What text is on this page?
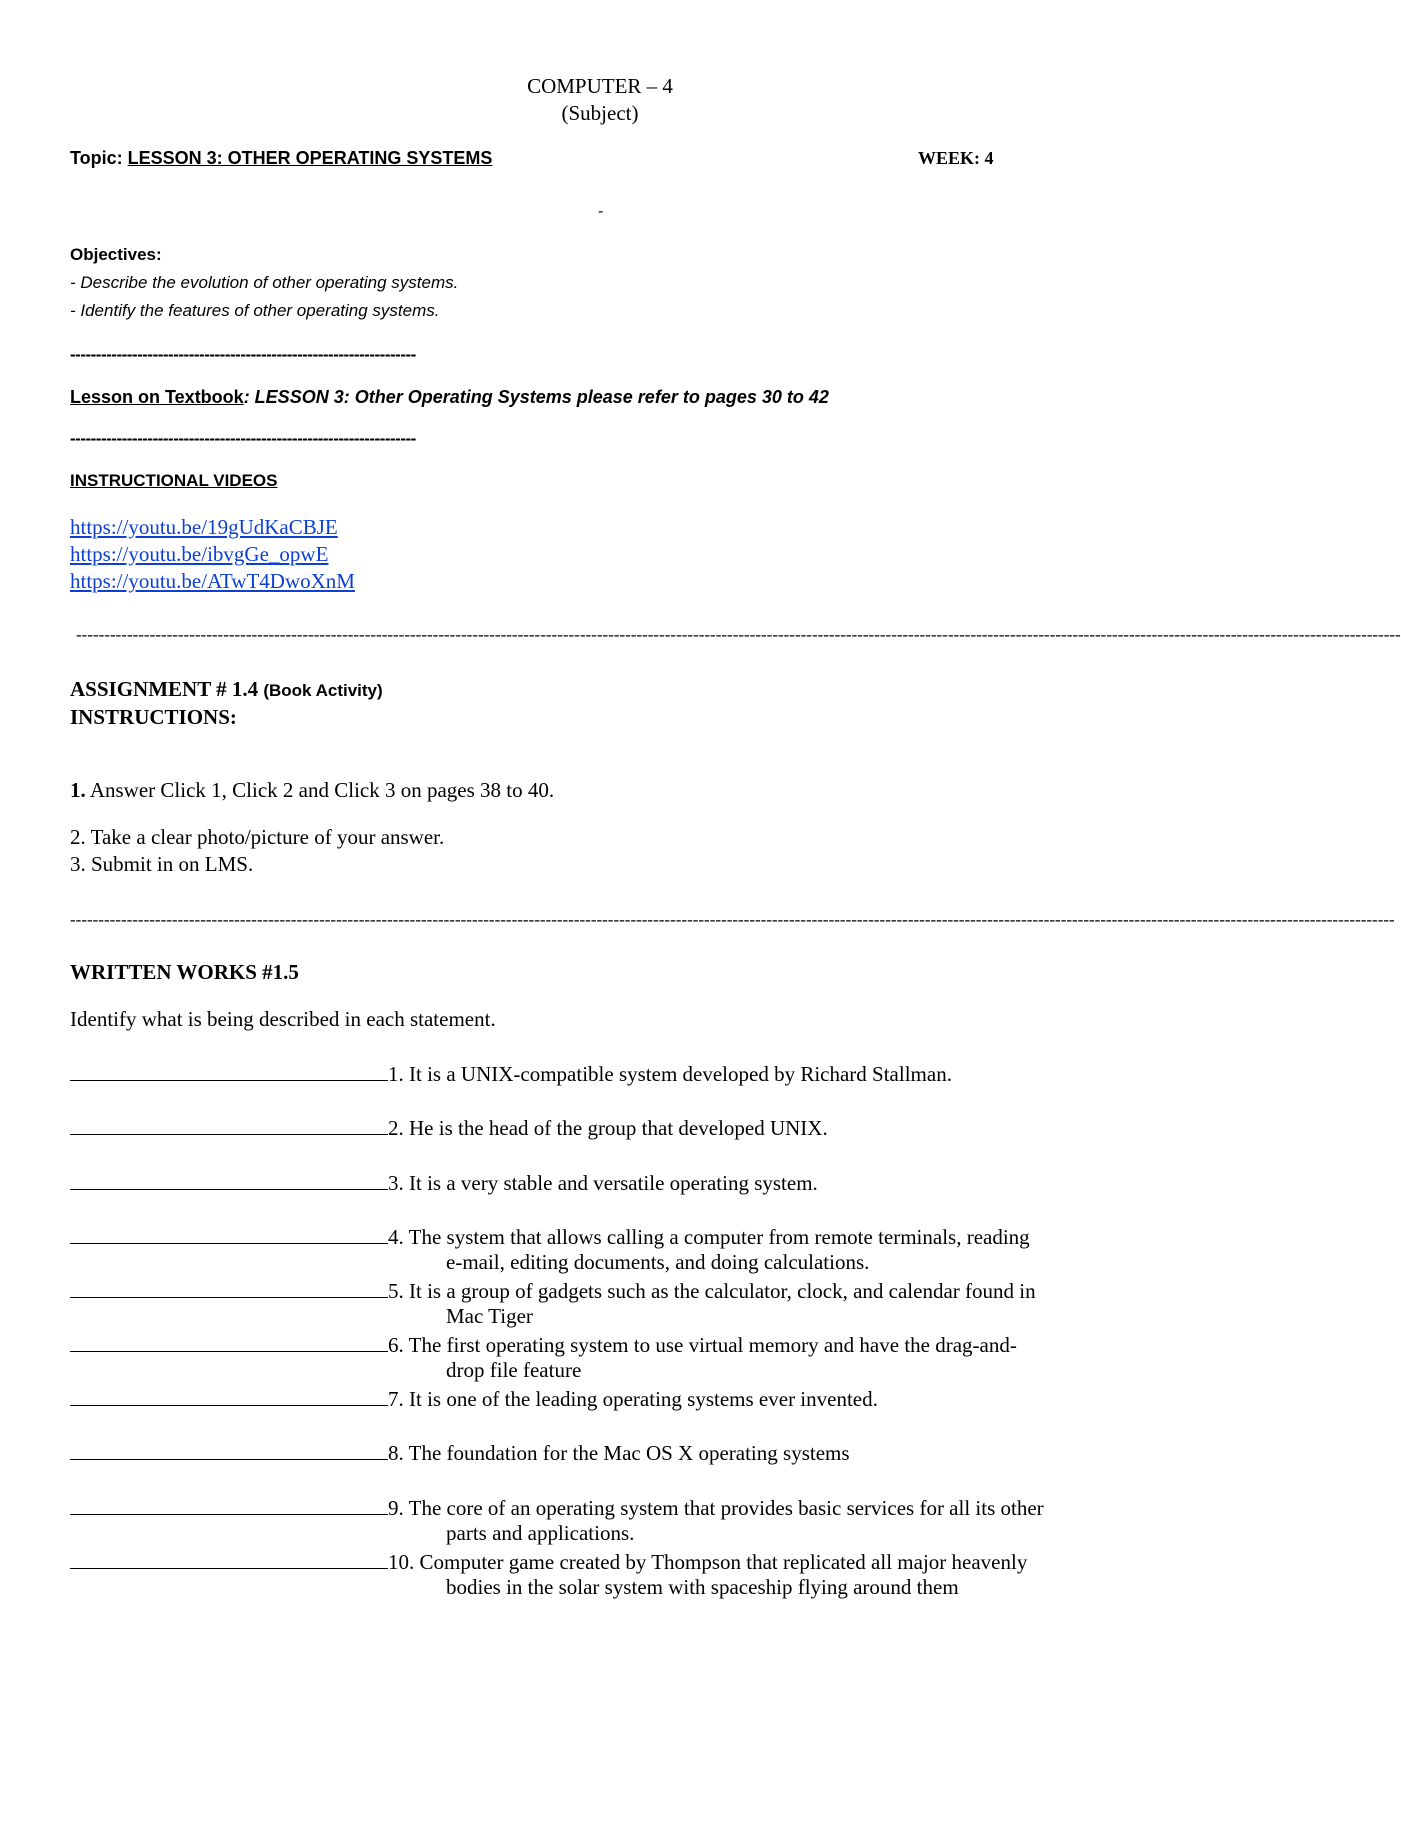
COMPUTER – 4
(Subject)
Topic: LESSON 3: OTHER OPERATING SYSTEMS	WEEK: 4
-
Objectives:
- Describe the evolution of other operating systems.
- Identify the features of other operating systems.
-------------------------------------------------------------------
Lesson on Textbook: LESSON 3: Other Operating Systems please refer to pages 30 to 42
-------------------------------------------------------------------
INSTRUCTIONAL VIDEOS
https://youtu.be/19gUdKaCBJE
https://youtu.be/ibvgGe_opwE
https://youtu.be/ATwT4DwoXnM
------------------------------------------------------------------------------------------------------------------------------------------------------------------------------------------------------------------------------------------
ASSIGNMENT # 1.4 (Book Activity)
INSTRUCTIONS:
1. Answer Click 1, Click 2 and Click 3 on pages 38 to 40.
2. Take a clear photo/picture of your answer.
3. Submit in on LMS.
------------------------------------------------------------------------------------------------------------------------------------------------------------------------------------------------------------------------------------------
WRITTEN WORKS #1.5
Identify what is being described in each statement.
1. It is a UNIX-compatible system developed by Richard Stallman.
2. He is the head of the group that developed UNIX.
3. It is a very stable and versatile operating system.
4. The system that allows calling a computer from remote terminals, reading
e-mail, editing documents, and doing calculations.
5. It is a group of gadgets such as the calculator, clock, and calendar found in
Mac Tiger
6. The first operating system to use virtual memory and have the drag-and-
drop file feature
7. It is one of the leading operating systems ever invented.
8. The foundation for the Mac OS X operating systems
9. The core of an operating system that provides basic services for all its other
parts and applications.
10. Computer game created by Thompson that replicated all major heavenly
bodies in the solar system with spaceship flying around them
